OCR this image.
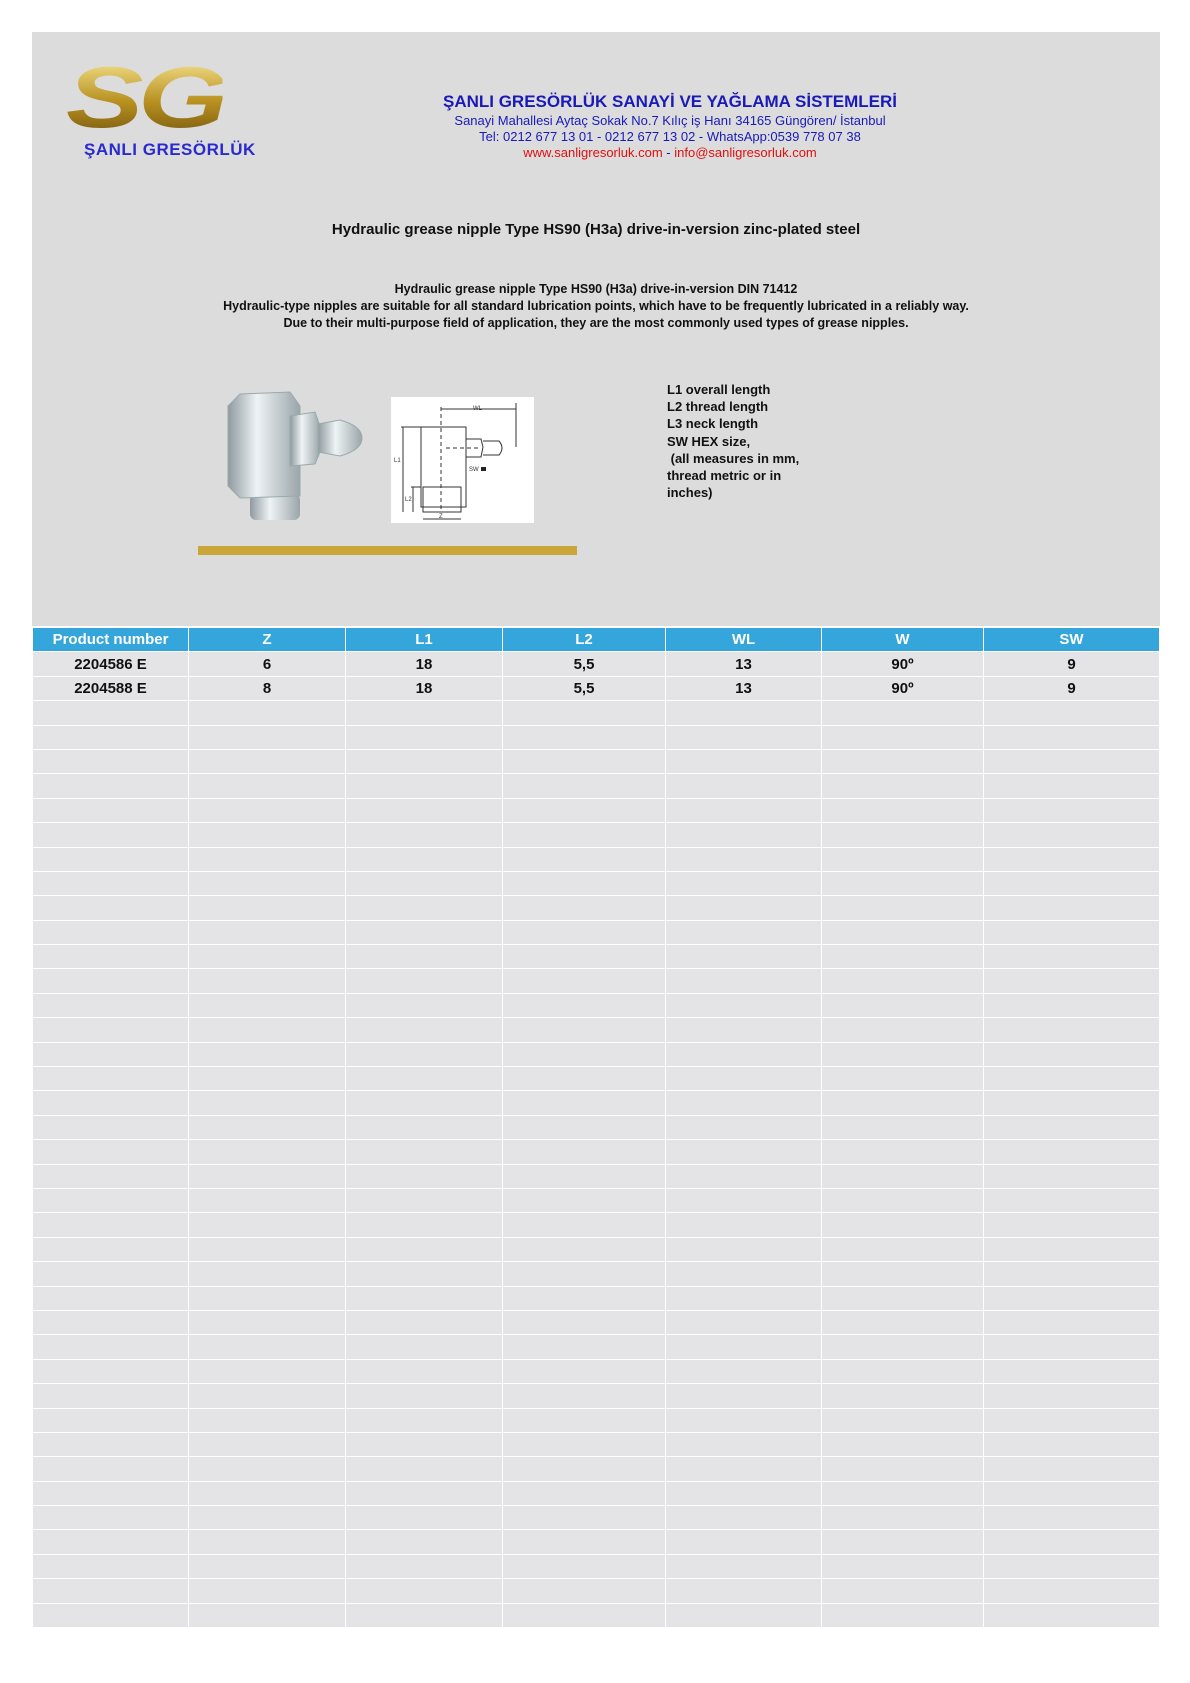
SG
ŞANLI GRESÖRLÜK
ŞANLI GRESÖRLÜK SANAYİ VE YAĞLAMA SİSTEMLERİ
Sanayi Mahallesi Aytaç Sokak No.7 Kılıç iş Hanı 34165 Güngören/ İstanbul
Tel: 0212 677 13 01 - 0212 677 13 02 - WhatsApp:0539 778 07 38
www.sanligresorluk.com - info@sanligresorluk.com
Hydraulic grease nipple Type HS90 (H3a) drive-in-version zinc-plated steel
Hydraulic grease nipple Type HS90 (H3a) drive-in-version DIN 71412
Hydraulic-type nipples are suitable for all standard lubrication points, which have to be frequently lubricated in a reliably way.
Due to their multi-purpose field of application, they are the most commonly used types of grease nipples.
WL
L1
L2
SW
Z
L1 overall length
L2 thread length
L3 neck length
SW HEX size,
(all measures in mm,
thread metric or in
inches)
Product number	Z	L1	L2	WL	W	SW
2204586 E	6	18	5,5	13	90º	9
2204588 E	8	18	5,5	13	90º	9
